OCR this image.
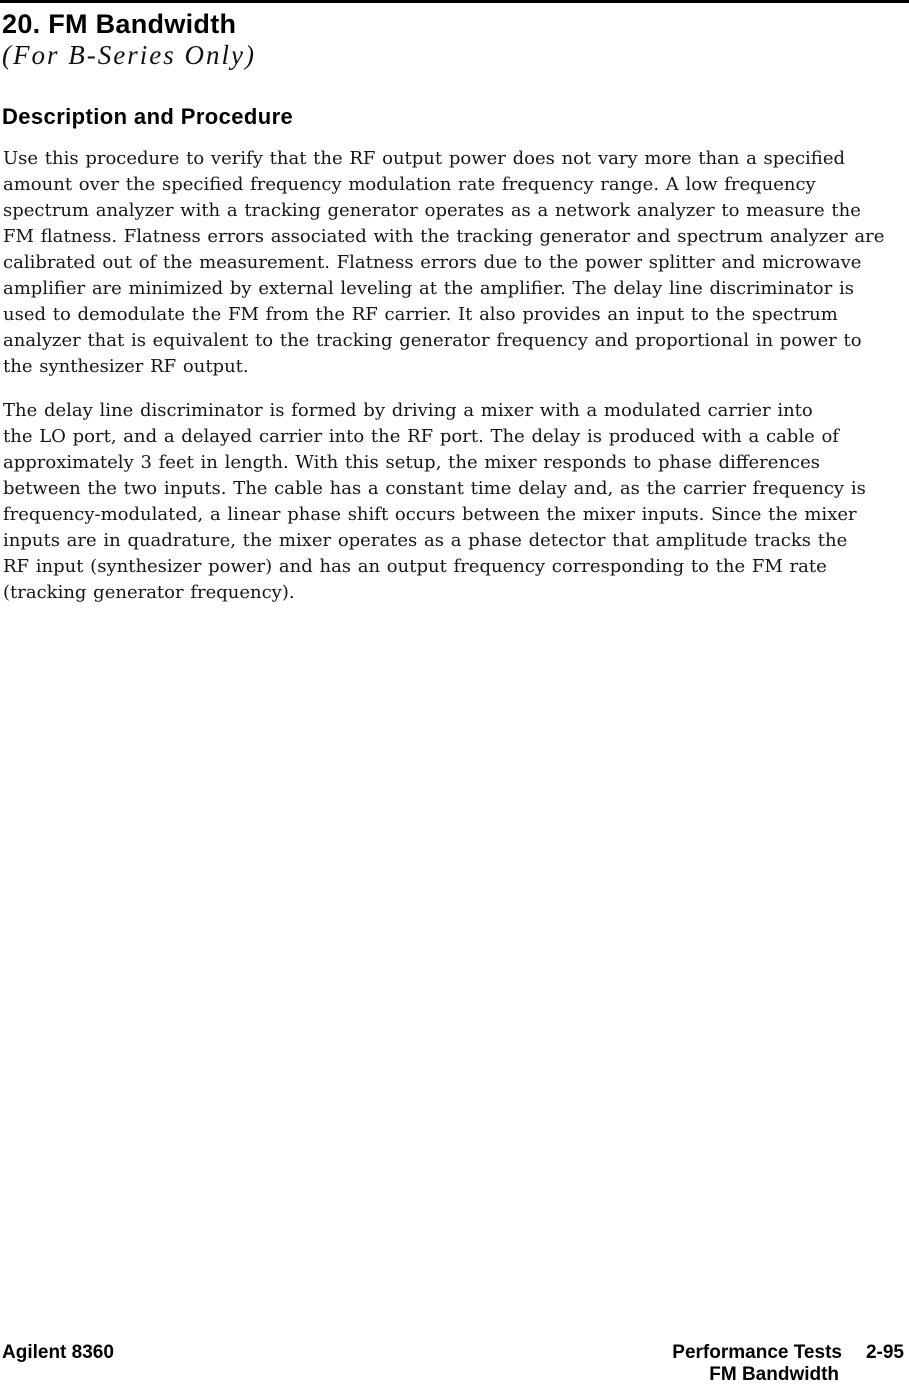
20. FM Bandwidth
(For B-Series Only)
Description and Procedure
Use this procedure to verify that the RF output power does not vary more than a specified
amount over the specified frequency modulation rate frequency range. A low frequency
spectrum analyzer with a tracking generator operates as a network analyzer to measure the
FM flatness. Flatness errors associated with the tracking generator and spectrum analyzer are
calibrated out of the measurement. Flatness errors due to the power splitter and microwave
amplifier are minimized by external leveling at the amplifier. The delay line discriminator is
used to demodulate the FM from the RF carrier. It also provides an input to the spectrum
analyzer that is equivalent to the tracking generator frequency and proportional in power to
the synthesizer RF output.
The delay line discriminator is formed by driving a mixer with a modulated carrier into
the LO port, and a delayed carrier into the RF port. The delay is produced with a cable of
approximately 3 feet in length. With this setup, the mixer responds to phase differences
between the two inputs. The cable has a constant time delay and, as the carrier frequency is
frequency-modulated, a linear phase shift occurs between the mixer inputs. Since the mixer
inputs are in quadrature, the mixer operates as a phase detector that amplitude tracks the
RF input (synthesizer power) and has an output frequency corresponding to the FM rate
(tracking generator frequency).
Agilent 8360	Performance Tests 2-95
FM Bandwidth
